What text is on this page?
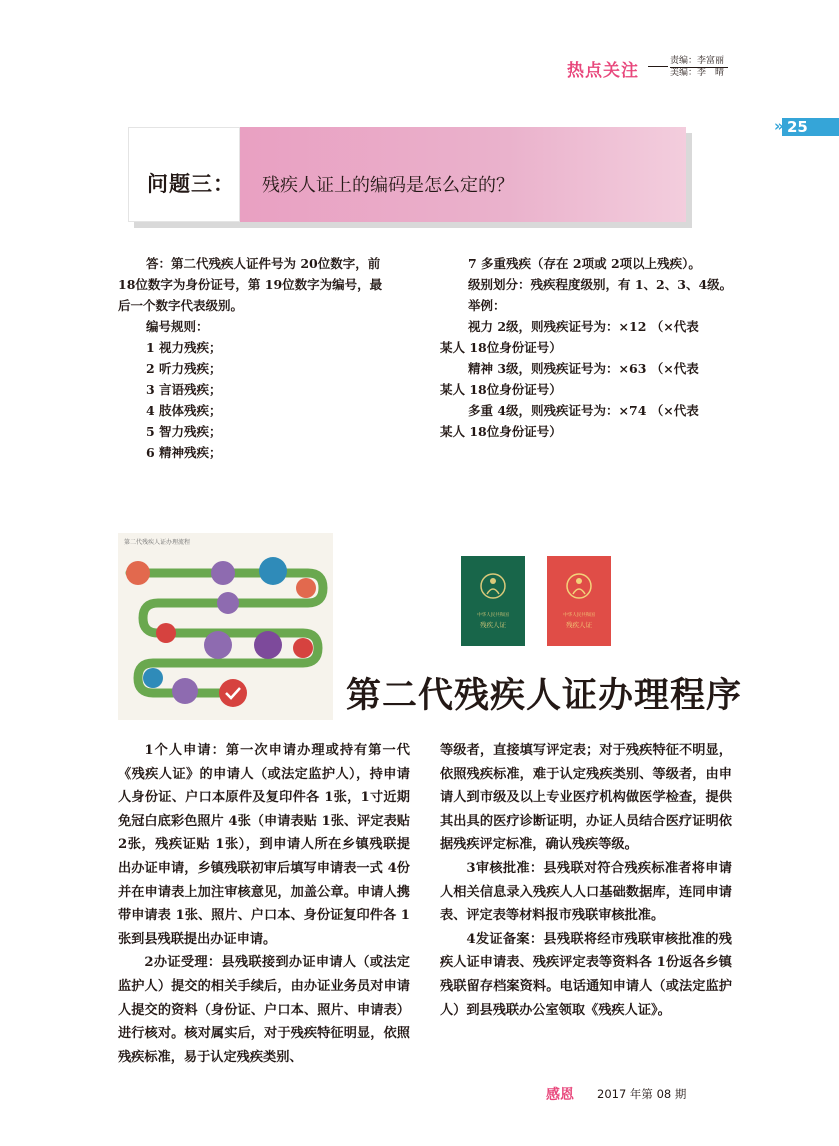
热点关注	责编：李富丽
美编：李　晴
» 25
问题三： 残疾人证上的编码是怎么定的？
答：第二代残疾人证件号为 20位数字，前
18位数字为身份证号，第 19位数字为编号，最
后一个数字代表级别。
编号规则：
1 视力残疾；
2 听力残疾；
3 言语残疾；
4 肢体残疾；
5 智力残疾；
6 精神残疾；
7 多重残疾（存在 2项或 2项以上残疾）。
级别划分：残疾程度级别，有 1、2、3、4级。
举例：
视力 2级，则残疾证号为：×12 （×代表
某人 18位身份证号）
精神 3级，则残疾证号为：×63 （×代表
某人 18位身份证号）
多重 4级，则残疾证号为：×74 （×代表
某人 18位身份证号）
第二代残疾人证办理流程
中华人民共和国
残疾人证
中华人民共和国
残疾人证
第二代残疾人证办理程序

1个人申请：第一次申请办理或持有第一代《残疾人证》的申请人（或法定监护人），持申请人身份证、户口本原件及复印件各 1张，1寸近期免冠白底彩色照片 4张（申请表贴 1张、评定表贴 2张，残疾证贴 1张），到申请人所在乡镇残联提出办证申请，乡镇残联初审后填写申请表一式 4份并在申请表上加注审核意见，加盖公章。申请人携带申请表 1张、照片、户口本、身份证复印件各 1张到县残联提出办证申请。

2办证受理：县残联接到办证申请人（或法定监护人）提交的相关手续后，由办证业务员对申请人提交的资料（身份证、户口本、照片、申请表）进行核对。核对属实后，对于残疾特征明显，依照残疾标准，易于认定残疾类别、

等级者，直接填写评定表；对于残疾特征不明显，依照残疾标准，难于认定残疾类别、等级者，由申请人到市级及以上专业医疗机构做医学检查，提供其出具的医疗诊断证明，办证人员结合医疗证明依据残疾评定标准，确认残疾等级。

3审核批准：县残联对符合残疾标准者将申请人相关信息录入残疾人人口基础数据库，连同申请表、评定表等材料报市残联审核批准。

4发证备案：县残联将经市残联审核批准的残疾人证申请表、残疾评定表等资料各 1份返各乡镇残联留存档案资料。电话通知申请人（或法定监护人）到县残联办公室领取《残疾人证》。

感恩 2017 年第 08 期
